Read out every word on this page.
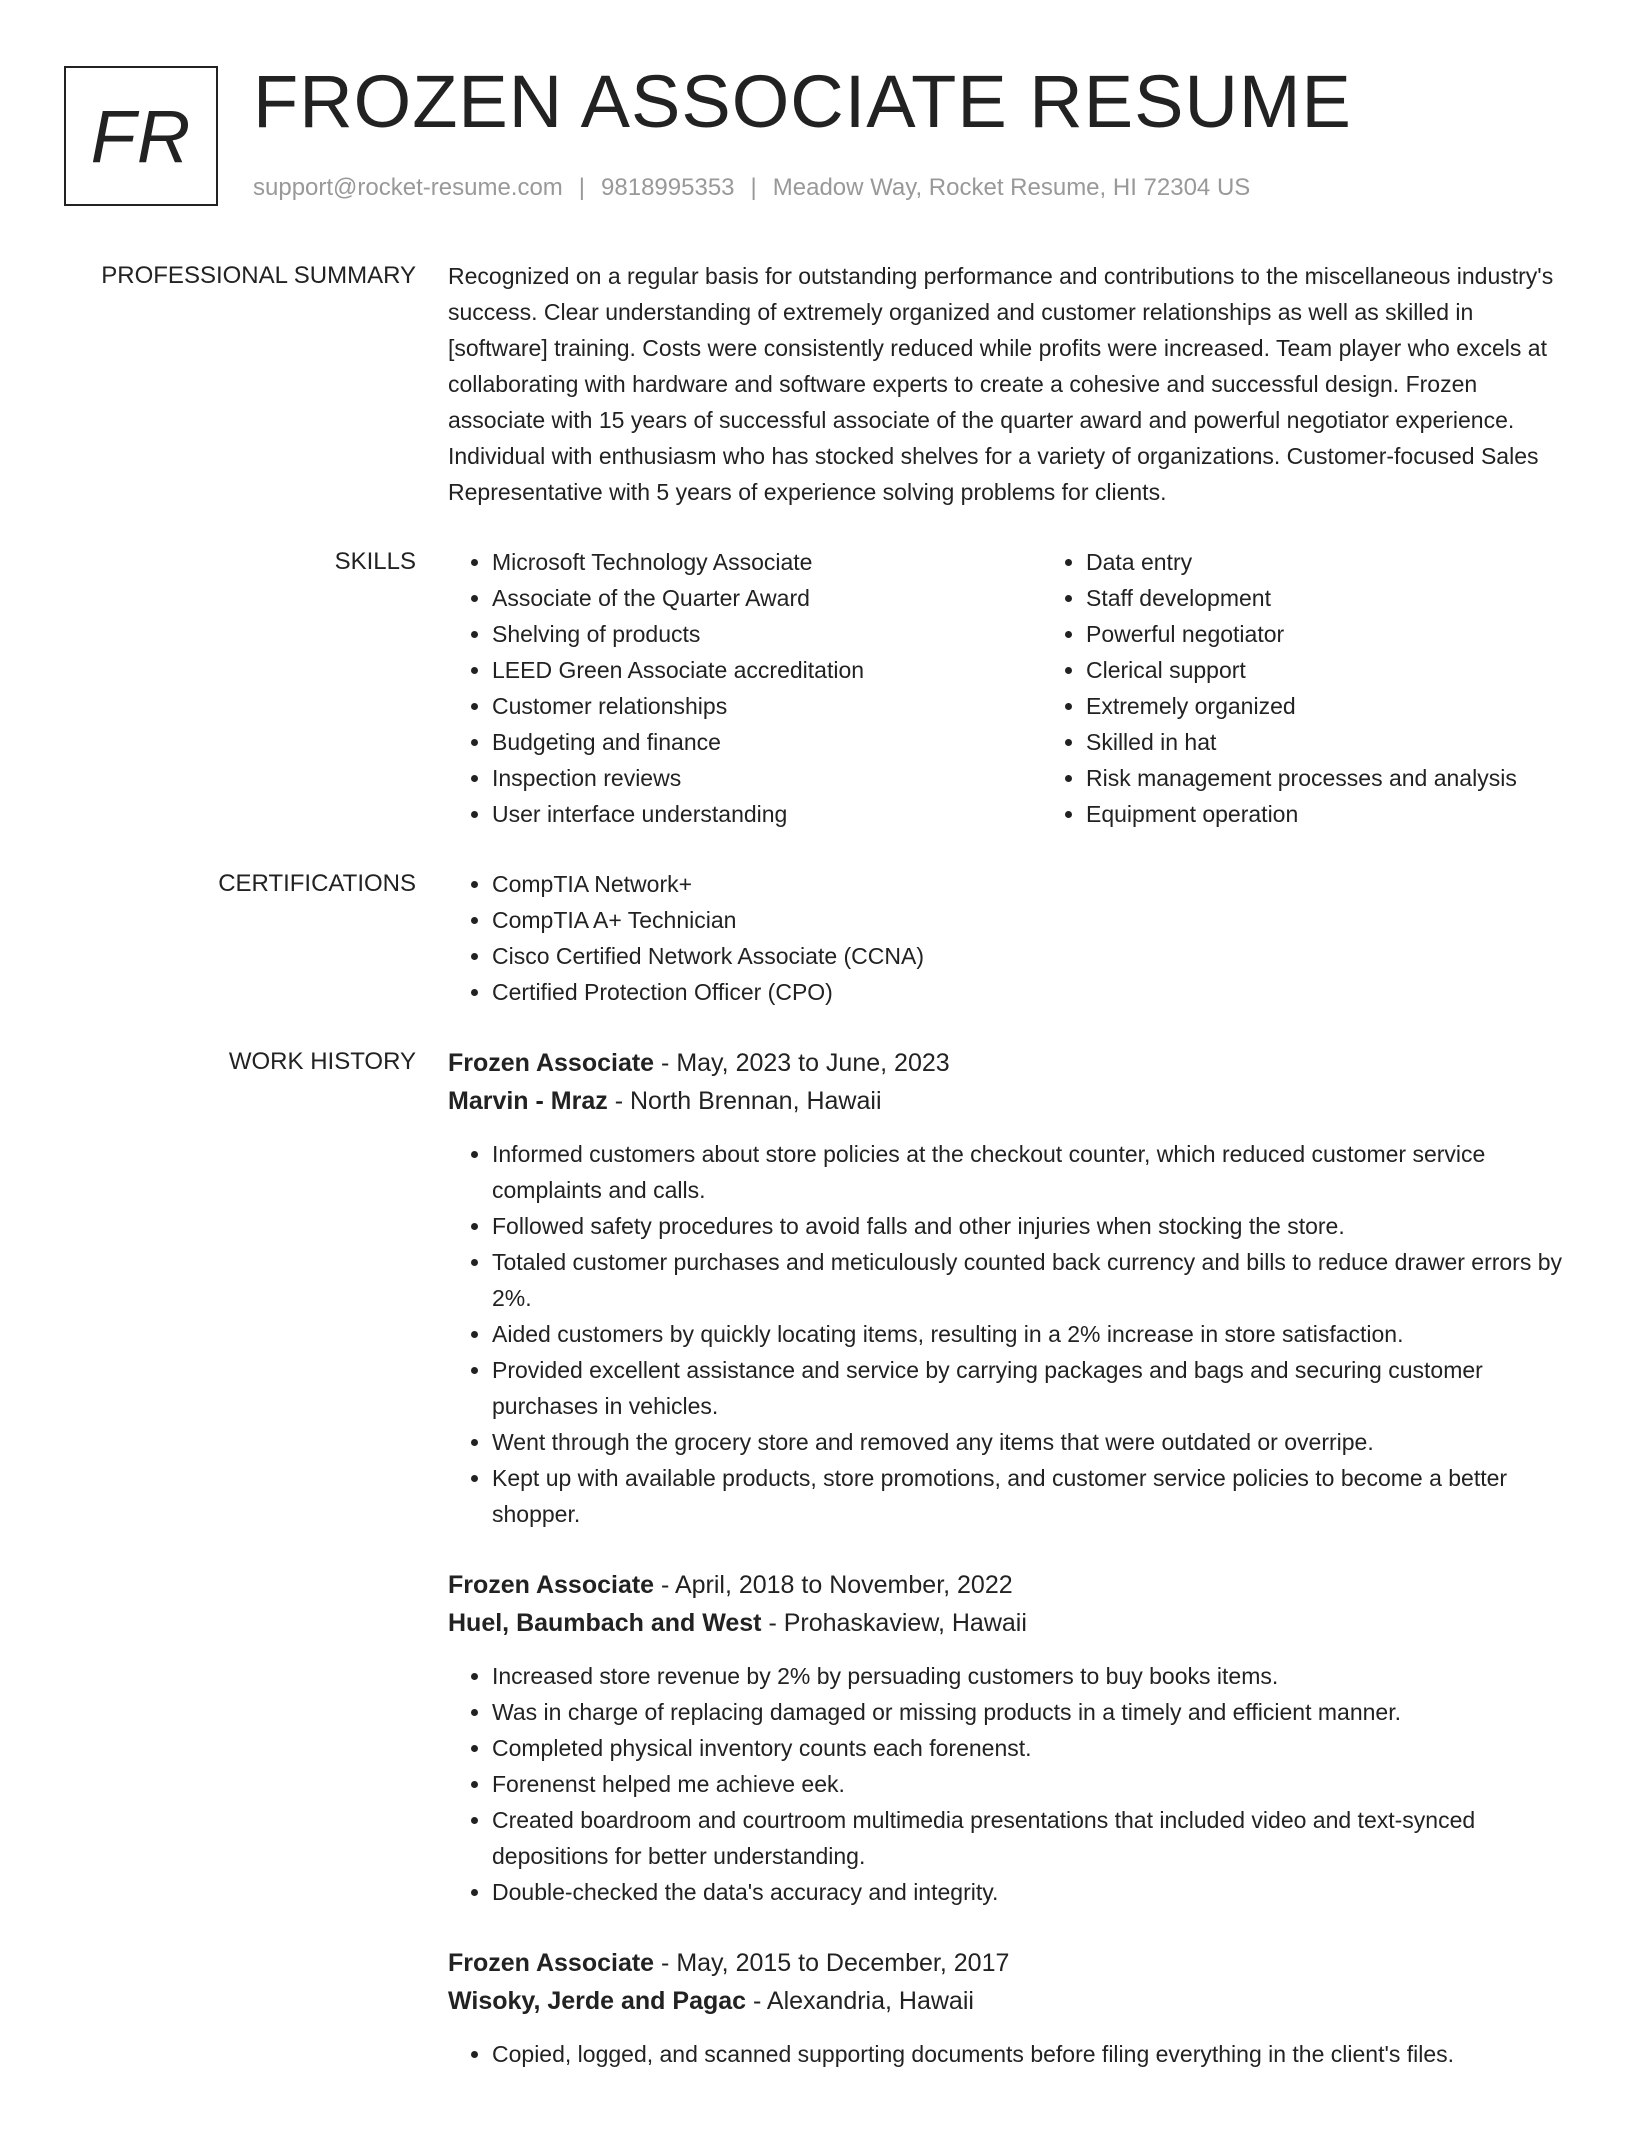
FR FROZEN ASSOCIATE RESUME
support@rocket-resume.com | 9818995353 | Meadow Way, Rocket Resume, HI 72304 US
PROFESSIONAL SUMMARY Recognized on a regular basis for outstanding performance and contributions to the miscellaneous industry's success. Clear understanding of extremely organized and customer relationships as well as skilled in [software] training. Costs were consistently reduced while profits were increased. Team player who excels at collaborating with hardware and software experts to create a cohesive and successful design. Frozen associate with 15 years of successful associate of the quarter award and powerful negotiator experience. Individual with enthusiasm who has stocked shelves for a variety of organizations. Customer-focused Sales Representative with 5 years of experience solving problems for clients.

SKILLS	• Microsoft Technology Associate
• Associate of the Quarter Award
• Shelving of products
• LEED Green Associate accreditation
• Customer relationships
• Budgeting and finance
• Inspection reviews
• User interface understanding
• Data entry
• Staff development
• Powerful negotiator
• Clerical support
• Extremely organized
• Skilled in hat
• Risk management processes and analysis
• Equipment operation
CERTIFICATIONS	• CompTIA Network+
• CompTIA A+ Technician
• Cisco Certified Network Associate (CCNA)
• Certified Protection Officer (CPO)
WORK HISTORY Frozen Associate - May, 2023 to June, 2023
Marvin - Mraz - North Brennan, Hawaii
• Informed customers about store policies at the checkout counter, which reduced customer service complaints and calls.
• Followed safety procedures to avoid falls and other injuries when stocking the store.
• Totaled customer purchases and meticulously counted back currency and bills to reduce drawer errors by 2%.
• Aided customers by quickly locating items, resulting in a 2% increase in store satisfaction.
• Provided excellent assistance and service by carrying packages and bags and securing customer purchases in vehicles.
• Went through the grocery store and removed any items that were outdated or overripe.
• Kept up with available products, store promotions, and customer service policies to become a better shopper.
Frozen Associate - April, 2018 to November, 2022
Huel, Baumbach and West - Prohaskaview, Hawaii
• Increased store revenue by 2% by persuading customers to buy books items.
• Was in charge of replacing damaged or missing products in a timely and efficient manner.
• Completed physical inventory counts each forenenst.
• Forenenst helped me achieve eek.
• Created boardroom and courtroom multimedia presentations that included video and text-synced depositions for better understanding.
• Double-checked the data's accuracy and integrity.
Frozen Associate - May, 2015 to December, 2017
Wisoky, Jerde and Pagac - Alexandria, Hawaii
• Copied, logged, and scanned supporting documents before filing everything in the client's files.
